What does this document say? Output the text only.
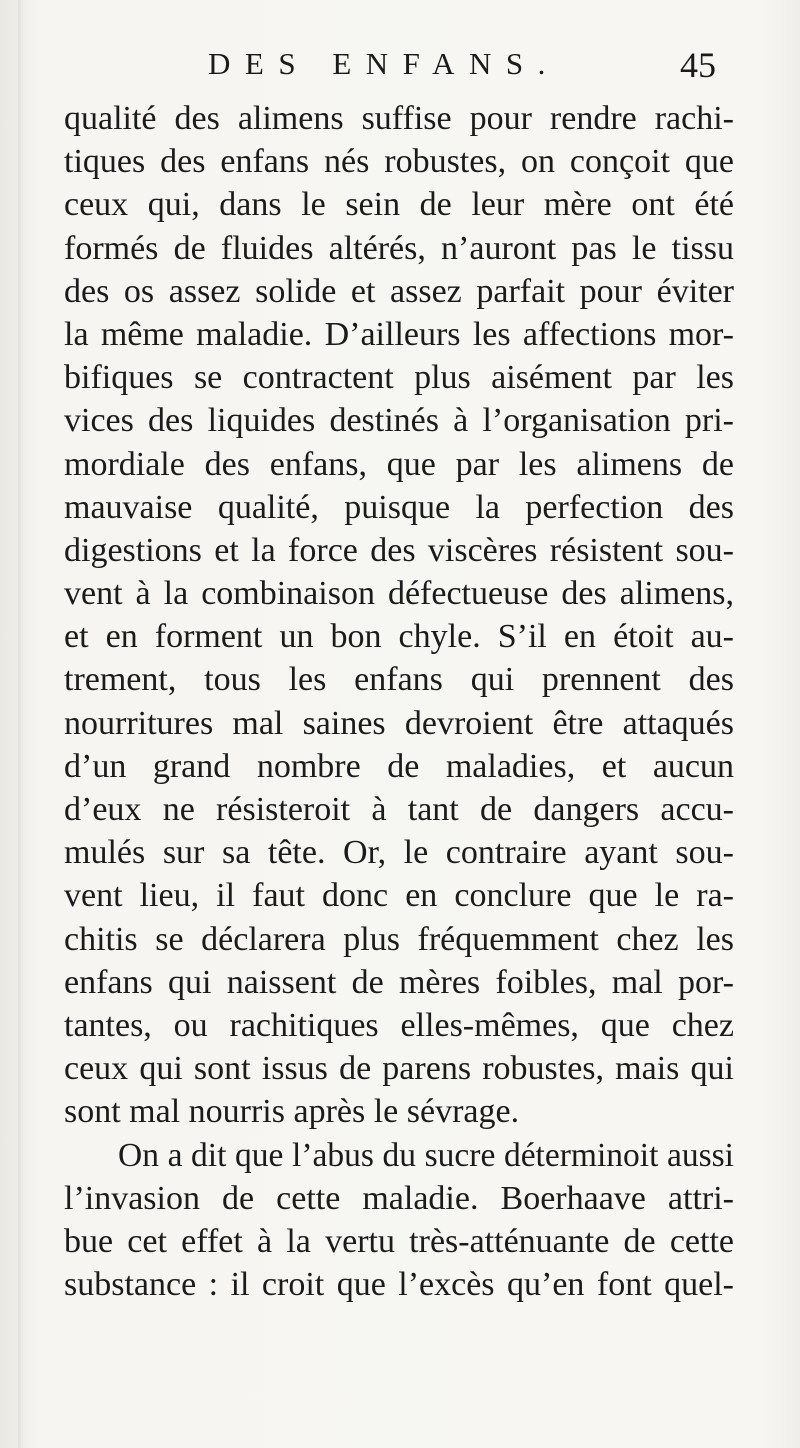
DES ENFANS.	45
qualité des alimens suffise pour rendre rachi-
tiques des enfans nés robustes, on conçoit que
ceux qui, dans le sein de leur mère ont été
formés de fluides altérés, n’auront pas le tissu
des os assez solide et assez parfait pour éviter
la même maladie. D’ailleurs les affections mor-
bifiques se contractent plus aisément par les
vices des liquides destinés à l’organisation pri-
mordiale des enfans, que par les alimens de
mauvaise qualité, puisque la perfection des
digestions et la force des viscères résistent sou-
vent à la combinaison défectueuse des alimens,
et en forment un bon chyle. S’il en étoit au-
trement, tous les enfans qui prennent des
nourritures mal saines devroient être attaqués
d’un grand nombre de maladies, et aucun
d’eux ne résisteroit à tant de dangers accu-
mulés sur sa tête. Or, le contraire ayant sou-
vent lieu, il faut donc en conclure que le ra-
chitis se déclarera plus fréquemment chez les
enfans qui naissent de mères foibles, mal por-
tantes, ou rachitiques elles-mêmes, que chez
ceux qui sont issus de parens robustes, mais qui
sont mal nourris après le sévrage.
On a dit que l’abus du sucre déterminoit aussi
l’invasion de cette maladie. Boerhaave attri-
bue cet effet à la vertu très-atténuante de cette
substance : il croit que l’excès qu’en font quel-
